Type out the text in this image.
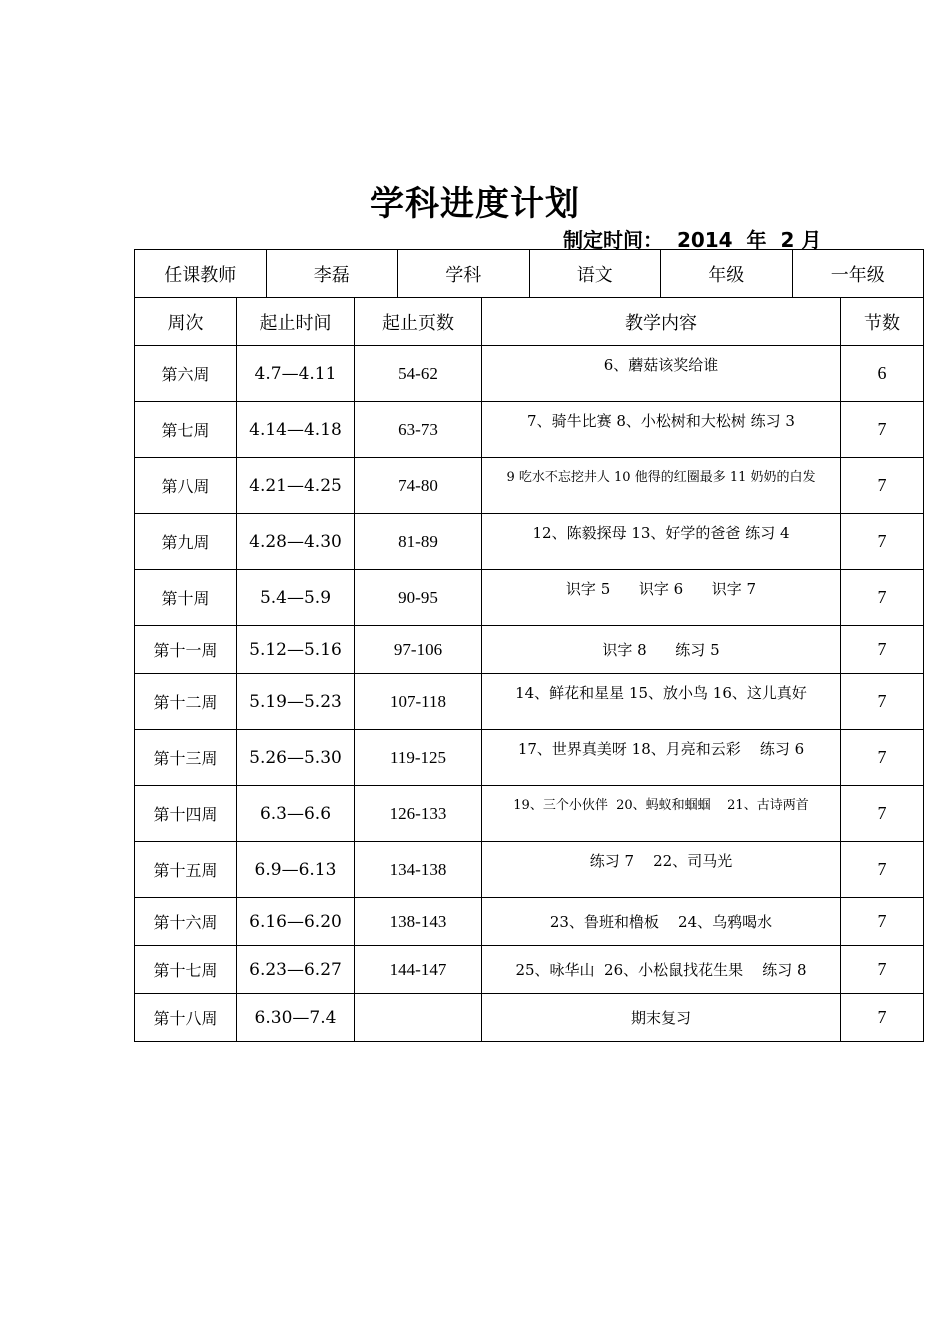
学科进度计划
制定时间： 2014 年 2 月
任课教师	李磊	学科	语文	年级	一年级
周次	起止时间	起止页数	教学内容	节数
第六周	4.7—4.11	54-62	6、蘑菇该奖给谁	6
第七周	4.14—4.18	63-73	7、骑牛比赛 8、小松树和大松树 练习 3	7
第八周	4.21—4.25	74-80	9 吃水不忘挖井人 10 他得的红圈最多 11 奶奶的白发	7
第九周	4.28—4.30	81-89	12、陈毅探母 13、好学的爸爸 练习 4	7
第十周	5.4—5.9	90-95	识字 5      识字 6      识字 7	7
第十一周	5.12—5.16	97-106	识字 8      练习 5	7
第十二周	5.19—5.23	107-118	14、鲜花和星星 15、放小鸟 16、这儿真好	7
第十三周	5.26—5.30	119-125	17、世界真美呀 18、月亮和云彩    练习 6	7
第十四周	6.3—6.6	126-133	19、三个小伙伴  20、蚂蚁和蝈蝈    21、古诗两首	7
第十五周	6.9—6.13	134-138	练习 7    22、司马光	7
第十六周	6.16—6.20	138-143	23、鲁班和橹板    24、乌鸦喝水	7
第十七周	6.23—6.27	144-147	25、咏华山  26、小松鼠找花生果    练习 8	7
第十八周	6.30—7.4		期末复习	7
